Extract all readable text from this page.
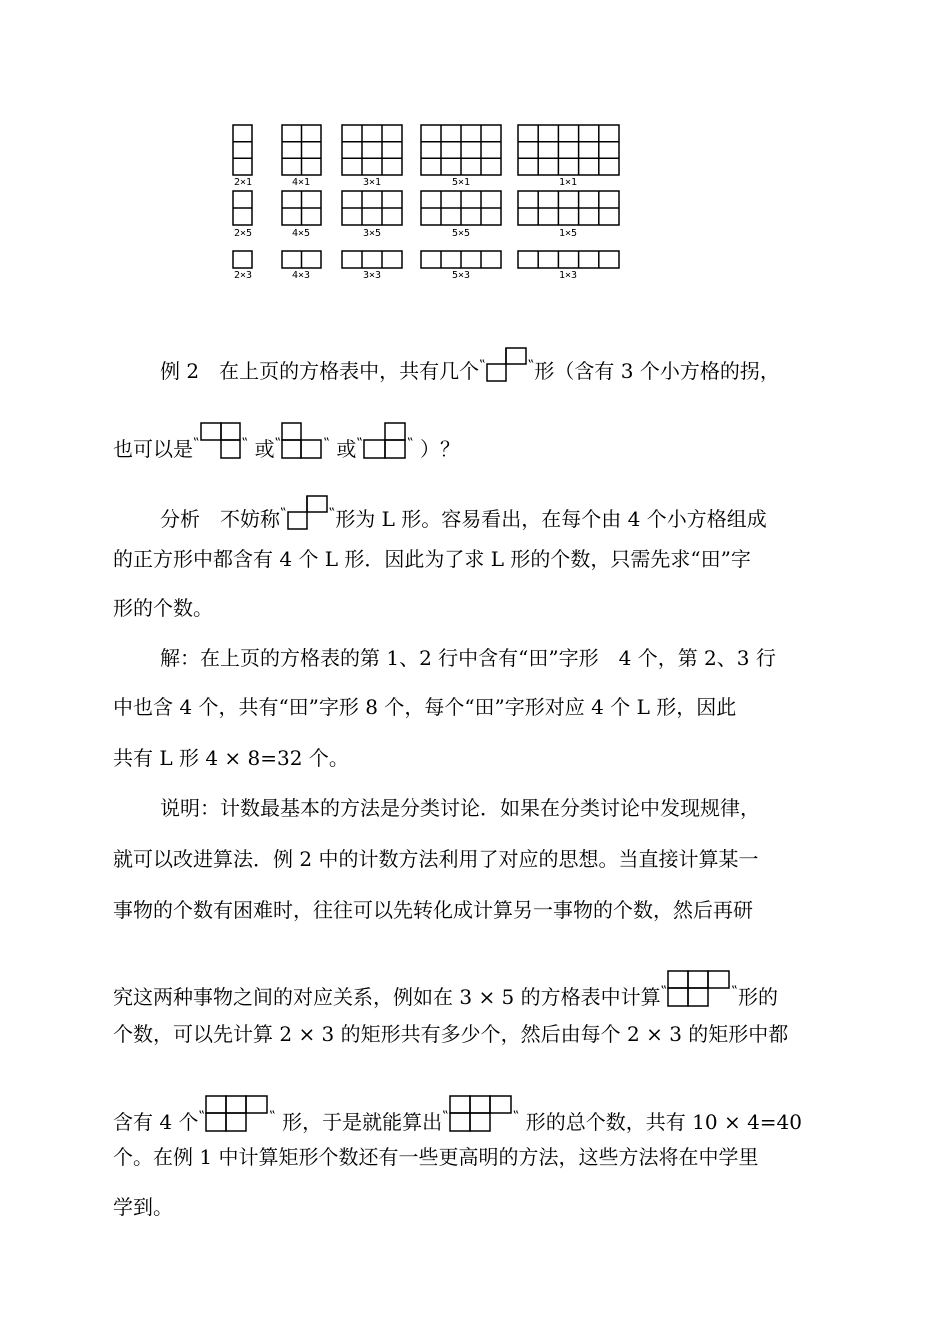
2×1	4×1	3×1	5×1	1×1
2×5	4×5	3×5	5×5	1×5
2×3	4×3	3×3	5×3	1×3
例 2　在上页的方格表中，共有几个‟	‟形（含有 3 个小方格的拐，
也可以是‟	‟ 或‟	‟ 或‟	‟ ）？
分析　不妨称‟	‟形为 L 形。容易看出，在每个由 4 个小方格组成
的正方形中都含有 4 个 L 形．因此为了求 L 形的个数，只需先求“田”字
形的个数。
解：在上页的方格表的第 1、2 行中含有“田”字形　4 个，第 2、3 行
中也含 4 个，共有“田”字形 8 个，每个“田”字形对应 4 个 L 形，因此
共有 L 形 4 × 8=32 个。
说明：计数最基本的方法是分类讨论．如果在分类讨论中发现规律，
就可以改进算法．例 2 中的计数方法利用了对应的思想。当直接计算某一
事物的个数有困难时，往往可以先转化成计算另一事物的个数，然后再研
究这两种事物之间的对应关系，例如在 3 × 5 的方格表中计算‟	‟形的
个数，可以先计算 2 × 3 的矩形共有多少个，然后由每个 2 × 3 的矩形中都
含有 4 个‟	‟ 形，于是就能算出‟	‟ 形的总个数，共有 10 × 4=40
个。在例 1 中计算矩形个数还有一些更高明的方法，这些方法将在中学里
学到。
